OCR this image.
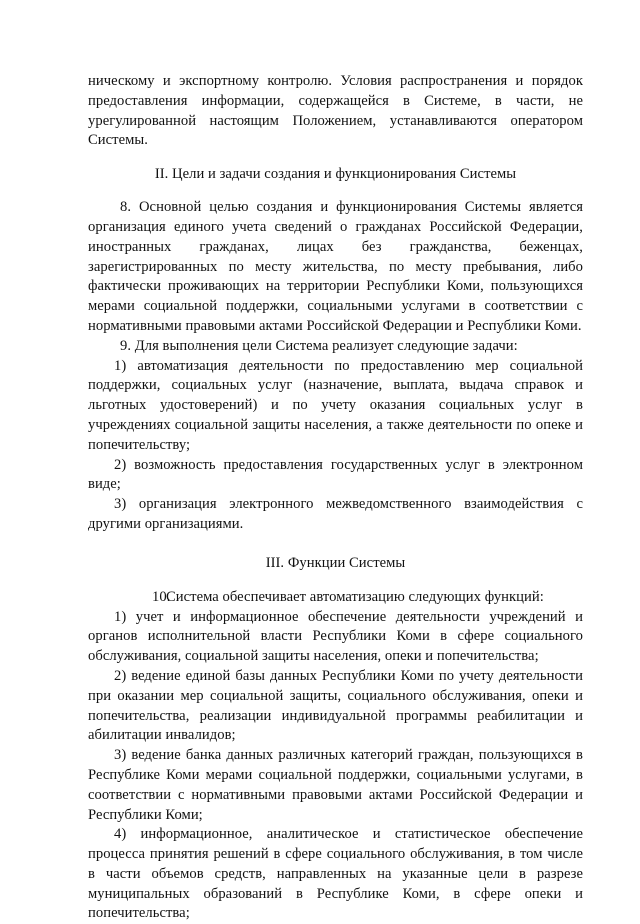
ническому и экспортному контролю. Условия распространения и порядок предоставления информации, содержащейся в Системе, в части, не урегулированной настоящим Положением, устанавливаются оператором Системы.

II. Цели и задачи создания и функционирования Системы

8. Основной целью создания и функционирования Системы является организация единого учета сведений о гражданах Российской Федерации, иностранных гражданах, лицах без гражданства, беженцах, зарегистрированных по месту жительства, по месту пребывания, либо фактически проживающих на территории Республики Коми, пользующихся мерами социальной поддержки, социальными услугами в соответствии с нормативными правовыми актами Российской Федерации и Республики Коми.

9. Для выполнения цели Система реализует следующие задачи:

1) автоматизация деятельности по предоставлению мер социальной поддержки, социальных услуг (назначение, выплата, выдача справок и льготных удостоверений) и по учету оказания социальных услуг в учреждениях социальной защиты населения, а также деятельности по опеке и попечительству;

2) возможность предоставления государственных услуг в электронном виде;

3) организация электронного межведомственного взаимодействия с другими организациями.

III. Функции Системы

10.Система обеспечивает автоматизацию следующих функций:

1) учет и информационное обеспечение деятельности учреждений и органов исполнительной власти Республики Коми в сфере социального обслуживания, социальной защиты населения, опеки и попечительства;

2) ведение единой базы данных Республики Коми по учету деятельности при оказании мер социальной защиты, социального обслуживания, опеки и попечительства, реализации индивидуальной программы реабилитации и абилитации инвалидов;

3) ведение банка данных различных категорий граждан, пользующихся в Республике Коми мерами социальной поддержки, социальными услугами, в соответствии с нормативными правовыми актами Российской Федерации и Республики Коми;

4) информационное, аналитическое и статистическое обеспечение процесса принятия решений в сфере социального обслуживания, в том числе в части объемов средств, направленных на указанные цели в разрезе муниципальных образований в Республике Коми, в сфере опеки и попечительства;
